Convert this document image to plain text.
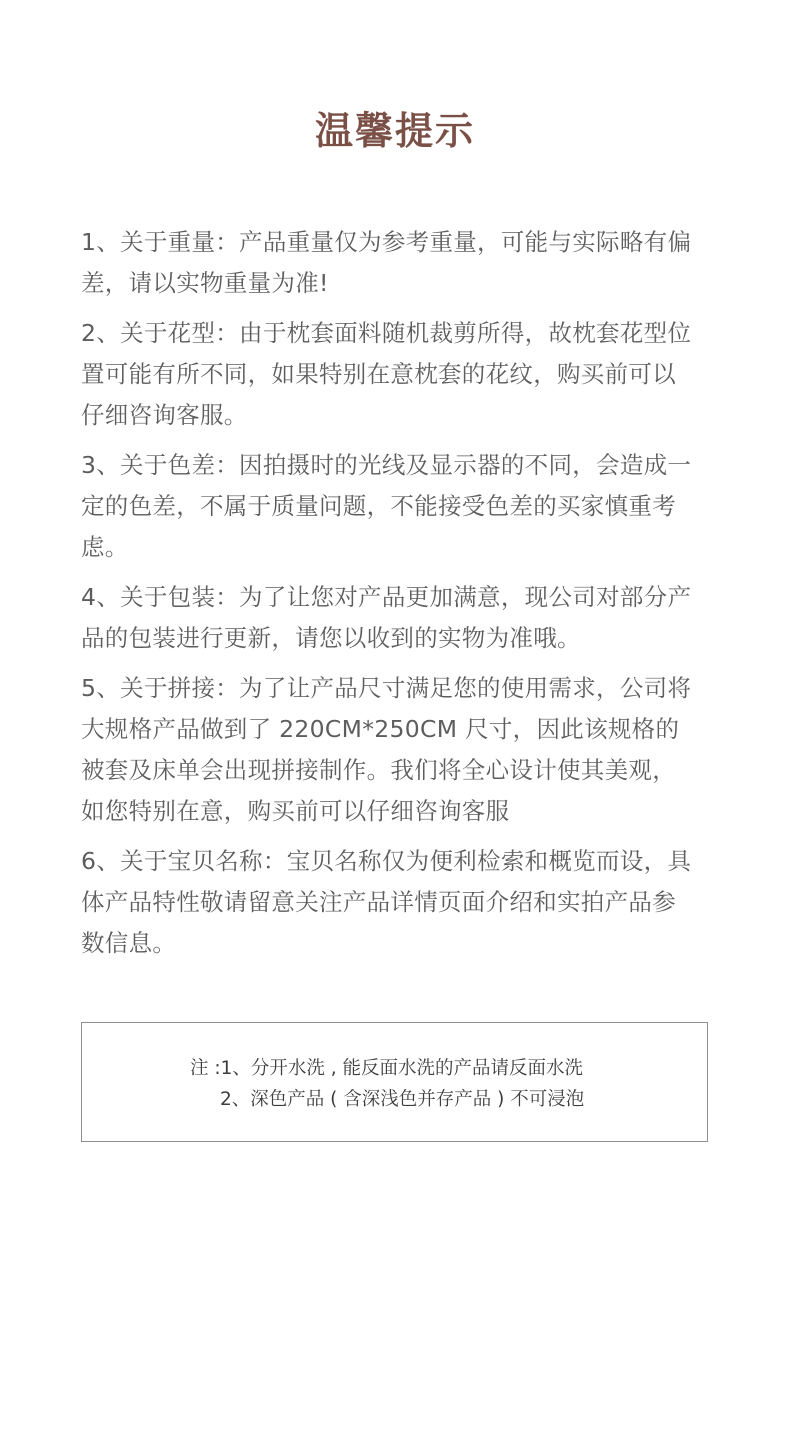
温馨提示

1、关于重量：产品重量仅为参考重量，可能与实际略有偏
差，请以实物重量为准!

2、关于花型：由于枕套面料随机裁剪所得，故枕套花型位
置可能有所不同，如果特别在意枕套的花纹，购买前可以
仔细咨询客服。

3、关于色差：因拍摄时的光线及显示器的不同，会造成一
定的色差，不属于质量问题，不能接受色差的买家慎重考
虑。

4、关于包装：为了让您对产品更加满意，现公司对部分产
品的包装进行更新，请您以收到的实物为准哦。

5、关于拼接：为了让产品尺寸满足您的使用需求，公司将
大规格产品做到了 220CM*250CM 尺寸，因此该规格的
被套及床单会出现拼接制作。我们将全心设计使其美观，
如您特别在意，购买前可以仔细咨询客服

6、关于宝贝名称：宝贝名称仅为便利检索和概览而设，具
体产品特性敬请留意关注产品详情页面介绍和实拍产品参
数信息。

注 :1、分开水洗 , 能反面水洗的产品请反面水洗
2、深色产品 ( 含深浅色并存产品 ) 不可浸泡
